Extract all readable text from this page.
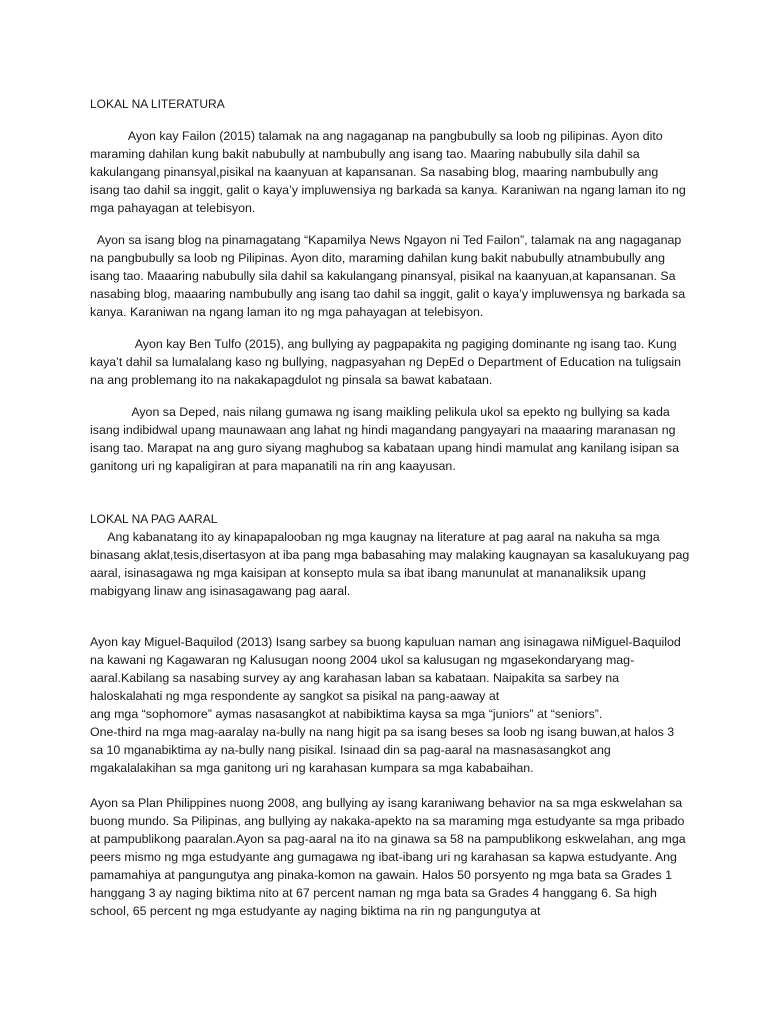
LOKAL NA LITERATURA

Ayon kay Failon (2015) talamak na ang nagaganap na pangbubully sa loob ng pilipinas. Ayon dito maraming dahilan kung bakit nabubully at nambubully ang isang tao. Maaring nabubully sila dahil sa kakulangang pinansyal,pisikal na kaanyuan at kapansanan. Sa nasabing blog, maaring nambubully ang isang tao dahil sa inggit, galit o kaya’y impluwensiya ng barkada sa kanya. Karaniwan na ngang laman ito ng mga pahayagan at telebisyon.

Ayon sa isang blog na pinamagatang “Kapamilya News Ngayon ni Ted Failon”, talamak na ang nagaganap na pangbubully sa loob ng Pilipinas. Ayon dito, maraming dahilan kung bakit nabubully atnambubully ang isang tao. Maaaring nabubully sila dahil sa kakulangang pinansyal, pisikal na kaanyuan,at kapansanan. Sa nasabing blog, maaaring nambubully ang isang tao dahil sa inggit, galit o kaya’y impluwensya ng barkada sa kanya. Karaniwan na ngang laman ito ng mga pahayagan at telebisyon.

Ayon kay Ben Tulfo (2015), ang bullying ay pagpapakita ng pagiging dominante ng isang tao. Kung kaya’t dahil sa lumalalang kaso ng bullying, nagpasyahan ng DepEd o Department of Education na tuligsain na ang problemang ito na nakakapagdulot ng pinsala sa bawat kabataan.

Ayon sa Deped, nais nilang gumawa ng isang maikling pelikula ukol sa epekto ng bullying sa kada isang indibidwal upang maunawaan ang lahat ng hindi magandang pangyayari na maaaring maranasan ng isang tao. Marapat na ang guro siyang maghubog sa kabataan upang hindi mamulat ang kanilang isipan sa ganitong uri ng kapaligiran at para mapanatili na rin ang kaayusan.

LOKAL NA PAG AARAL

Ang kabanatang ito ay kinapapalooban ng mga kaugnay na literature at pag aaral na nakuha sa mga binasang aklat,tesis,disertasyon at iba pang mga babasahing may malaking kaugnayan sa kasalukuyang pag aaral, isinasagawa ng mga kaisipan at konsepto mula sa ibat ibang manunulat at mananaliksik upang mabigyang linaw ang isinasagawang pag aaral.

Ayon kay Miguel-Baquilod (2013) Isang sarbey sa buong kapuluan naman ang isinagawa niMiguel-Baquilod na kawani ng Kagawaran ng Kalusugan noong 2004 ukol sa kalusugan ng mgasekondaryang mag-aaral.Kabilang sa nasabing survey ay ang karahasan laban sa kabataan. Naipakita sa sarbey na haloskalahati ng mga respondente ay sangkot sa pisikal na pang-aaway at
ang mga “sophomore” aymas nasasangkot at nabibiktima kaysa sa mga “juniors” at “seniors”.
One-third na mga mag-aaralay na-bully na nang higit pa sa isang beses sa loob ng isang buwan,at halos 3 sa 10 mganabiktima ay na-bully nang pisikal. Isinaad din sa pag-aaral na masnasasangkot ang mgakalalakihan sa mga ganitong uri ng karahasan kumpara sa mga kababaihan.

Ayon sa Plan Philippines nuong 2008, ang bullying ay isang karaniwang behavior na sa mga eskwelahan sa buong mundo. Sa Pilipinas, ang bullying ay nakaka-apekto na sa maraming mga estudyante sa mga pribado at pampublikong paaralan.Ayon sa pag-aaral na ito na ginawa sa 58 na pampublikong eskwelahan, ang mga peers mismo ng mga estudyante ang gumagawa ng ibat-ibang uri ng karahasan sa kapwa estudyante. Ang pamamahiya at pangungutya ang pinaka-komon na gawain. Halos 50 porsyento ng mga bata sa Grades 1 hanggang 3 ay naging biktima nito at 67 percent naman ng mga bata sa Grades 4 hanggang 6. Sa high school, 65 percent ng mga estudyante ay naging biktima na rin ng pangungutya at
